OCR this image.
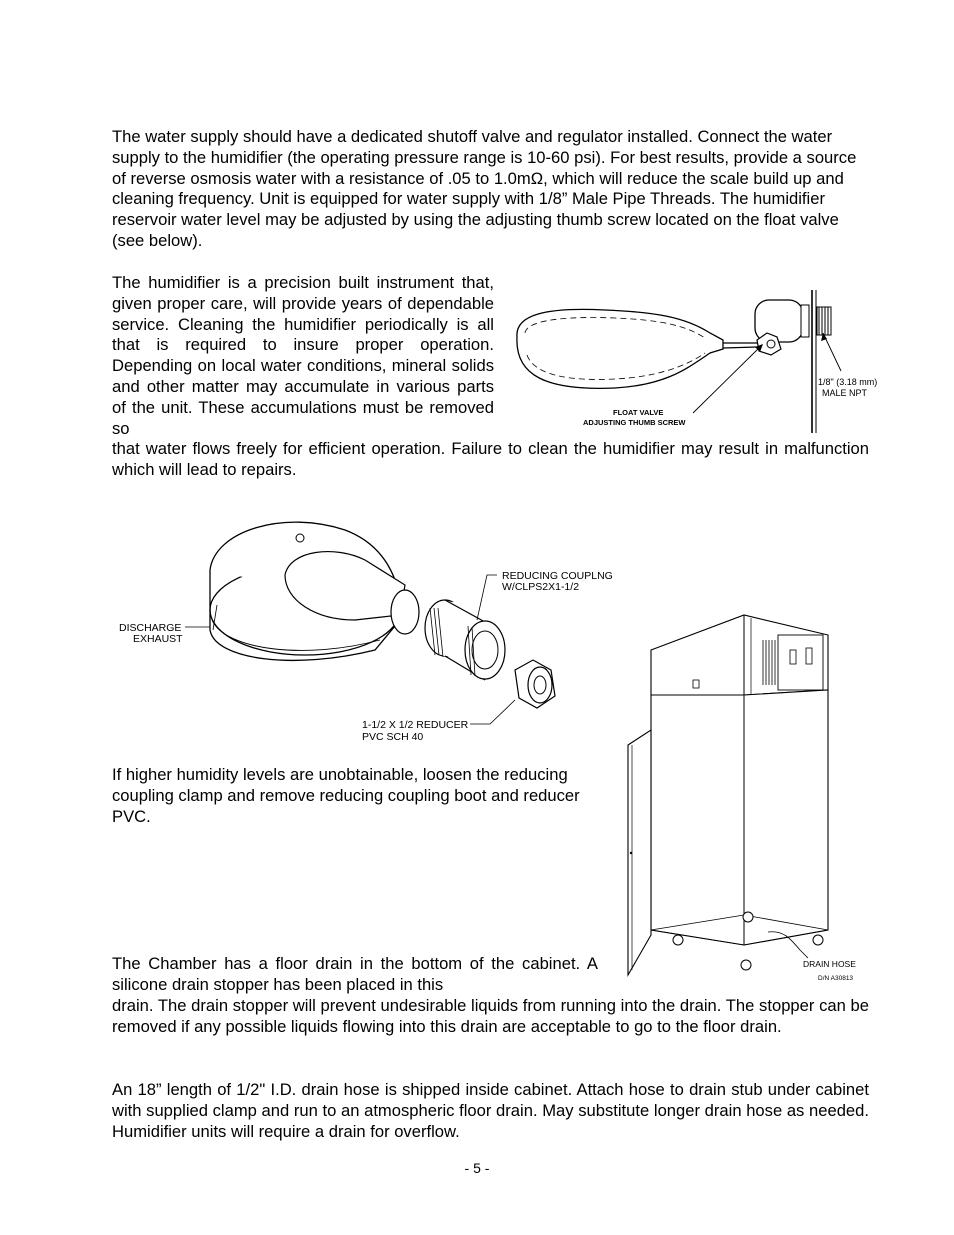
The water supply should have a dedicated shutoff valve and regulator installed. Connect the water supply to the humidifier (the operating pressure range is 10-60 psi). For best results, provide a source of reverse osmosis water with a resistance of .05 to 1.0mΩ, which will reduce the scale build up and cleaning frequency. Unit is equipped for water supply with 1/8” Male Pipe Threads. The humidifier reservoir water level may be adjusted by using the adjusting thumb screw located on the float valve (see below).

The humidifier is a precision built instrument that, given proper care, will provide years of dependable service. Cleaning the humidifier periodically is all that is required to insure proper operation. Depending on local water conditions, mineral solids and other matter may accumulate in various parts of the unit. These accumulations must be removed so

that water flows freely for efficient operation. Failure to clean the humidifier may result in malfunction which will lead to repairs.

1/8" (3.18 mm)
MALE NPT
FLOAT VALVE
ADJUSTING THUMB SCREW
DISCHARGE
EXHAUST
REDUCING COUPLNG
W/CLPS2X1-1/2
1-1/2 X 1/2 REDUCER
PVC SCH 40
DRAIN HOSE
D/N A30813

If higher humidity levels are unobtainable, loosen the reducing coupling clamp and remove reducing coupling boot and reducer PVC.

The Chamber has a floor drain in the bottom of the cabinet. A silicone drain stopper has been placed in this

drain. The drain stopper will prevent undesirable liquids from running into the drain. The stopper can be removed if any possible liquids flowing into this drain are acceptable to go to the floor drain.

An 18” length of 1/2" I.D. drain hose is shipped inside cabinet. Attach hose to drain stub under cabinet with supplied clamp and run to an atmospheric floor drain. May substitute longer drain hose as needed. Humidifier units will require a drain for overflow.

- 5 -
